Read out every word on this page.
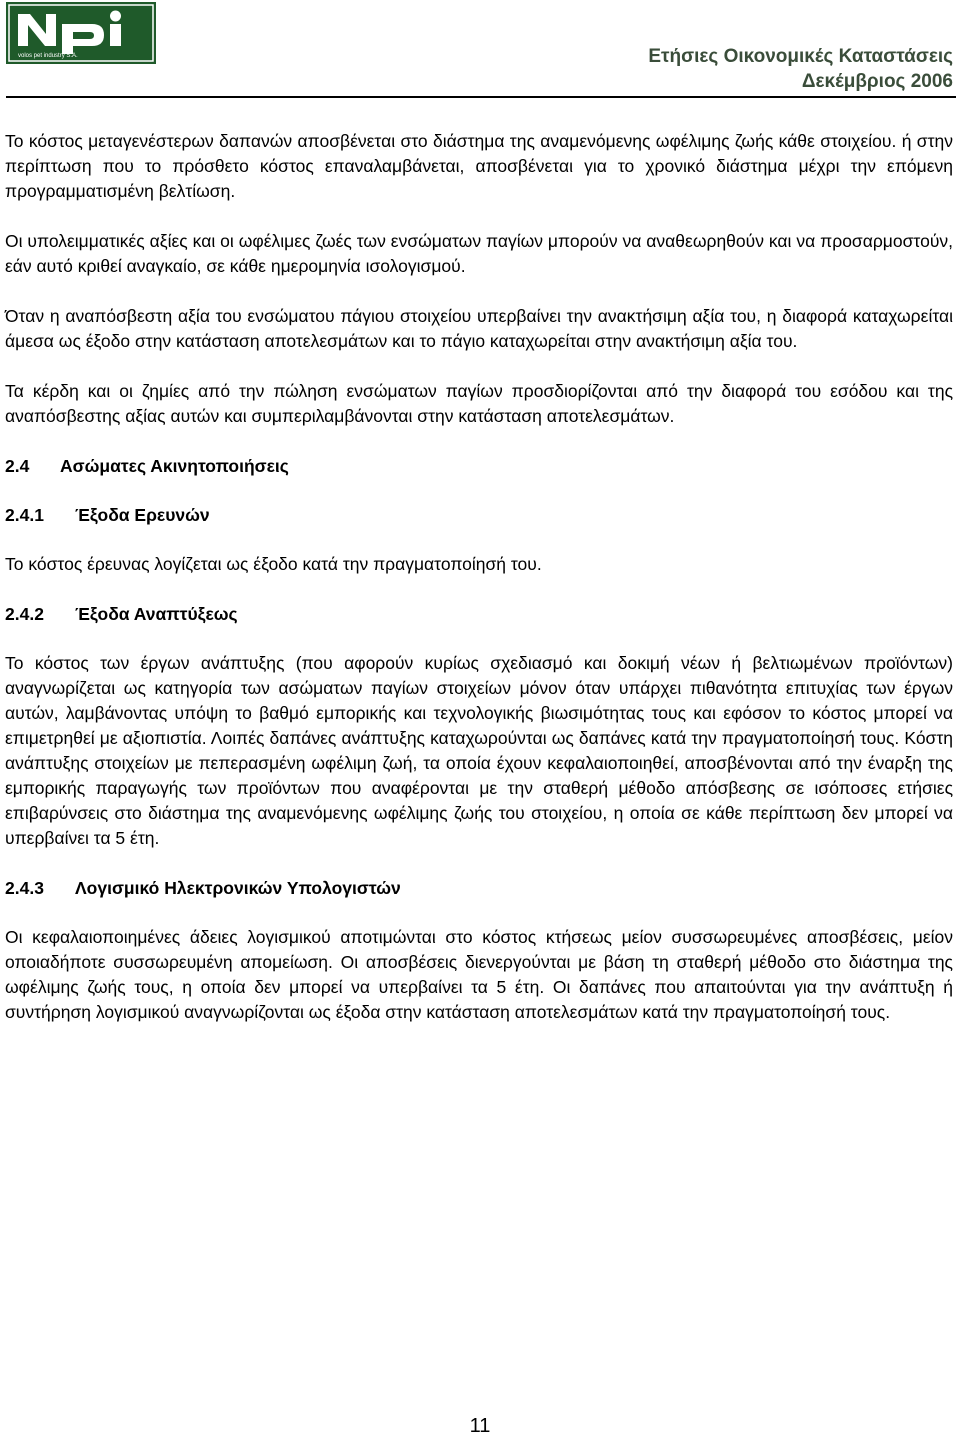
volos pet industry S.A.	Ετήσιες Οικονομικές Καταστάσεις
Δεκέμβριος 2006

Το κόστος μεταγενέστερων δαπανών αποσβένεται στο διάστημα της αναμενόμενης ωφέλιμης ζωής κάθε στοιχείου. ή στην περίπτωση που το πρόσθετο κόστος επαναλαμβάνεται, αποσβένεται για το χρονικό διάστημα μέχρι την επόμενη προγραμματισμένη βελτίωση.

Οι υπολειμματικές αξίες και οι ωφέλιμες ζωές των ενσώματων παγίων μπορούν να αναθεωρηθούν και να προσαρμοστούν, εάν αυτό κριθεί αναγκαίο, σε κάθε ημερομηνία ισολογισμού.

Όταν η αναπόσβεστη αξία του ενσώματου πάγιου στοιχείου υπερβαίνει την ανακτήσιμη αξία του, η διαφορά καταχωρείται άμεσα ως έξοδο στην κατάσταση αποτελεσμάτων και το πάγιο καταχωρείται στην ανακτήσιμη αξία του.

Τα κέρδη και οι ζημίες από την πώληση ενσώματων παγίων προσδιορίζονται από την διαφορά του εσόδου και της αναπόσβεστης αξίας αυτών και συμπεριλαμβάνονται στην κατάσταση αποτελεσμάτων.

2.4 Ασώματες Ακινητοποιήσεις
2.4.1 Έξοδα Ερευνών

Το κόστος έρευνας λογίζεται ως έξοδο κατά την πραγματοποίησή του.

2.4.2 Έξοδα Αναπτύξεως

Το κόστος των έργων ανάπτυξης (που αφορούν κυρίως σχεδιασμό και δοκιμή νέων ή βελτιωμένων προϊόντων) αναγνωρίζεται ως κατηγορία των ασώματων παγίων στοιχείων μόνον όταν υπάρχει πιθανότητα επιτυχίας των έργων αυτών, λαμβάνοντας υπόψη το βαθμό εμπορικής και τεχνολογικής βιωσιμότητας τους και εφόσον το κόστος μπορεί να επιμετρηθεί με αξιοπιστία. Λοιπές δαπάνες ανάπτυξης καταχωρούνται ως δαπάνες κατά την πραγματοποίησή τους. Κόστη ανάπτυξης στοιχείων με πεπερασμένη ωφέλιμη ζωή, τα οποία έχουν κεφαλαιοποιηθεί, αποσβένονται από την έναρξη της εμπορικής παραγωγής των προϊόντων που αναφέρονται με την σταθερή μέθοδο απόσβεσης σε ισόποσες ετήσιες επιβαρύνσεις στο διάστημα της αναμενόμενης ωφέλιμης ζωής του στοιχείου, η οποία σε κάθε περίπτωση δεν μπορεί να υπερβαίνει τα 5 έτη.

2.4.3 Λογισμικό Ηλεκτρονικών Υπολογιστών

Οι κεφαλαιοποιημένες άδειες λογισμικού αποτιμώνται στο κόστος κτήσεως μείον συσσωρευμένες αποσβέσεις, μείον οποιαδήποτε συσσωρευμένη απομείωση. Οι αποσβέσεις διενεργούνται με βάση τη σταθερή μέθοδο στο διάστημα της ωφέλιμης ζωής τους, η οποία δεν μπορεί να υπερβαίνει τα 5 έτη. Οι δαπάνες που απαιτούνται για την ανάπτυξη ή συντήρηση λογισμικού αναγνωρίζονται ως έξοδα στην κατάσταση αποτελεσμάτων κατά την πραγματοποίησή τους.

11
